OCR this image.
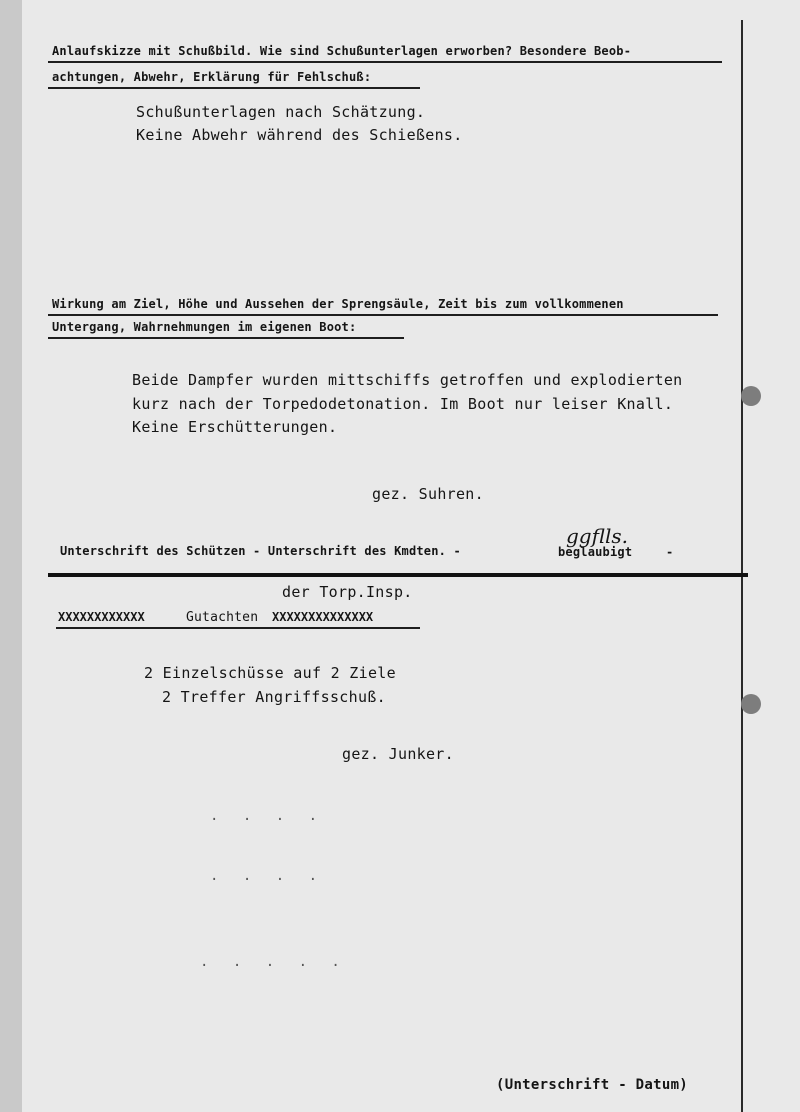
Anlaufskizze mit Schußbild. Wie sind Schußunterlagen erworben? Besondere Beob-
achtungen, Abwehr, Erklärung für Fehlschuß:
Schußunterlagen nach Schätzung.
Keine Abwehr während des Schießens.
Wirkung am Ziel, Höhe und Aussehen der Sprengsäule, Zeit bis zum vollkommenen
Untergang, Wahrnehmungen im eigenen Boot:
Beide Dampfer wurden mittschiffs getroffen und explodierten
kurz nach der Torpedodetonation. Im Boot nur leiser Knall.
Keine Erschütterungen.
gez. Suhren.
Unterschrift des Schützen - Unterschrift des Kmdten. -
ggflls.
beglaubigt	-
der Torp.Insp.
XXXXXXXXXXXX	Gutachten XXXXXXXXXXXXXX
2 Einzelschüsse auf 2 Ziele
2 Treffer Angriffsschuß.
gez. Junker.
· · · ·
· · · ·
· · · · ·
(Unterschrift - Datum)
